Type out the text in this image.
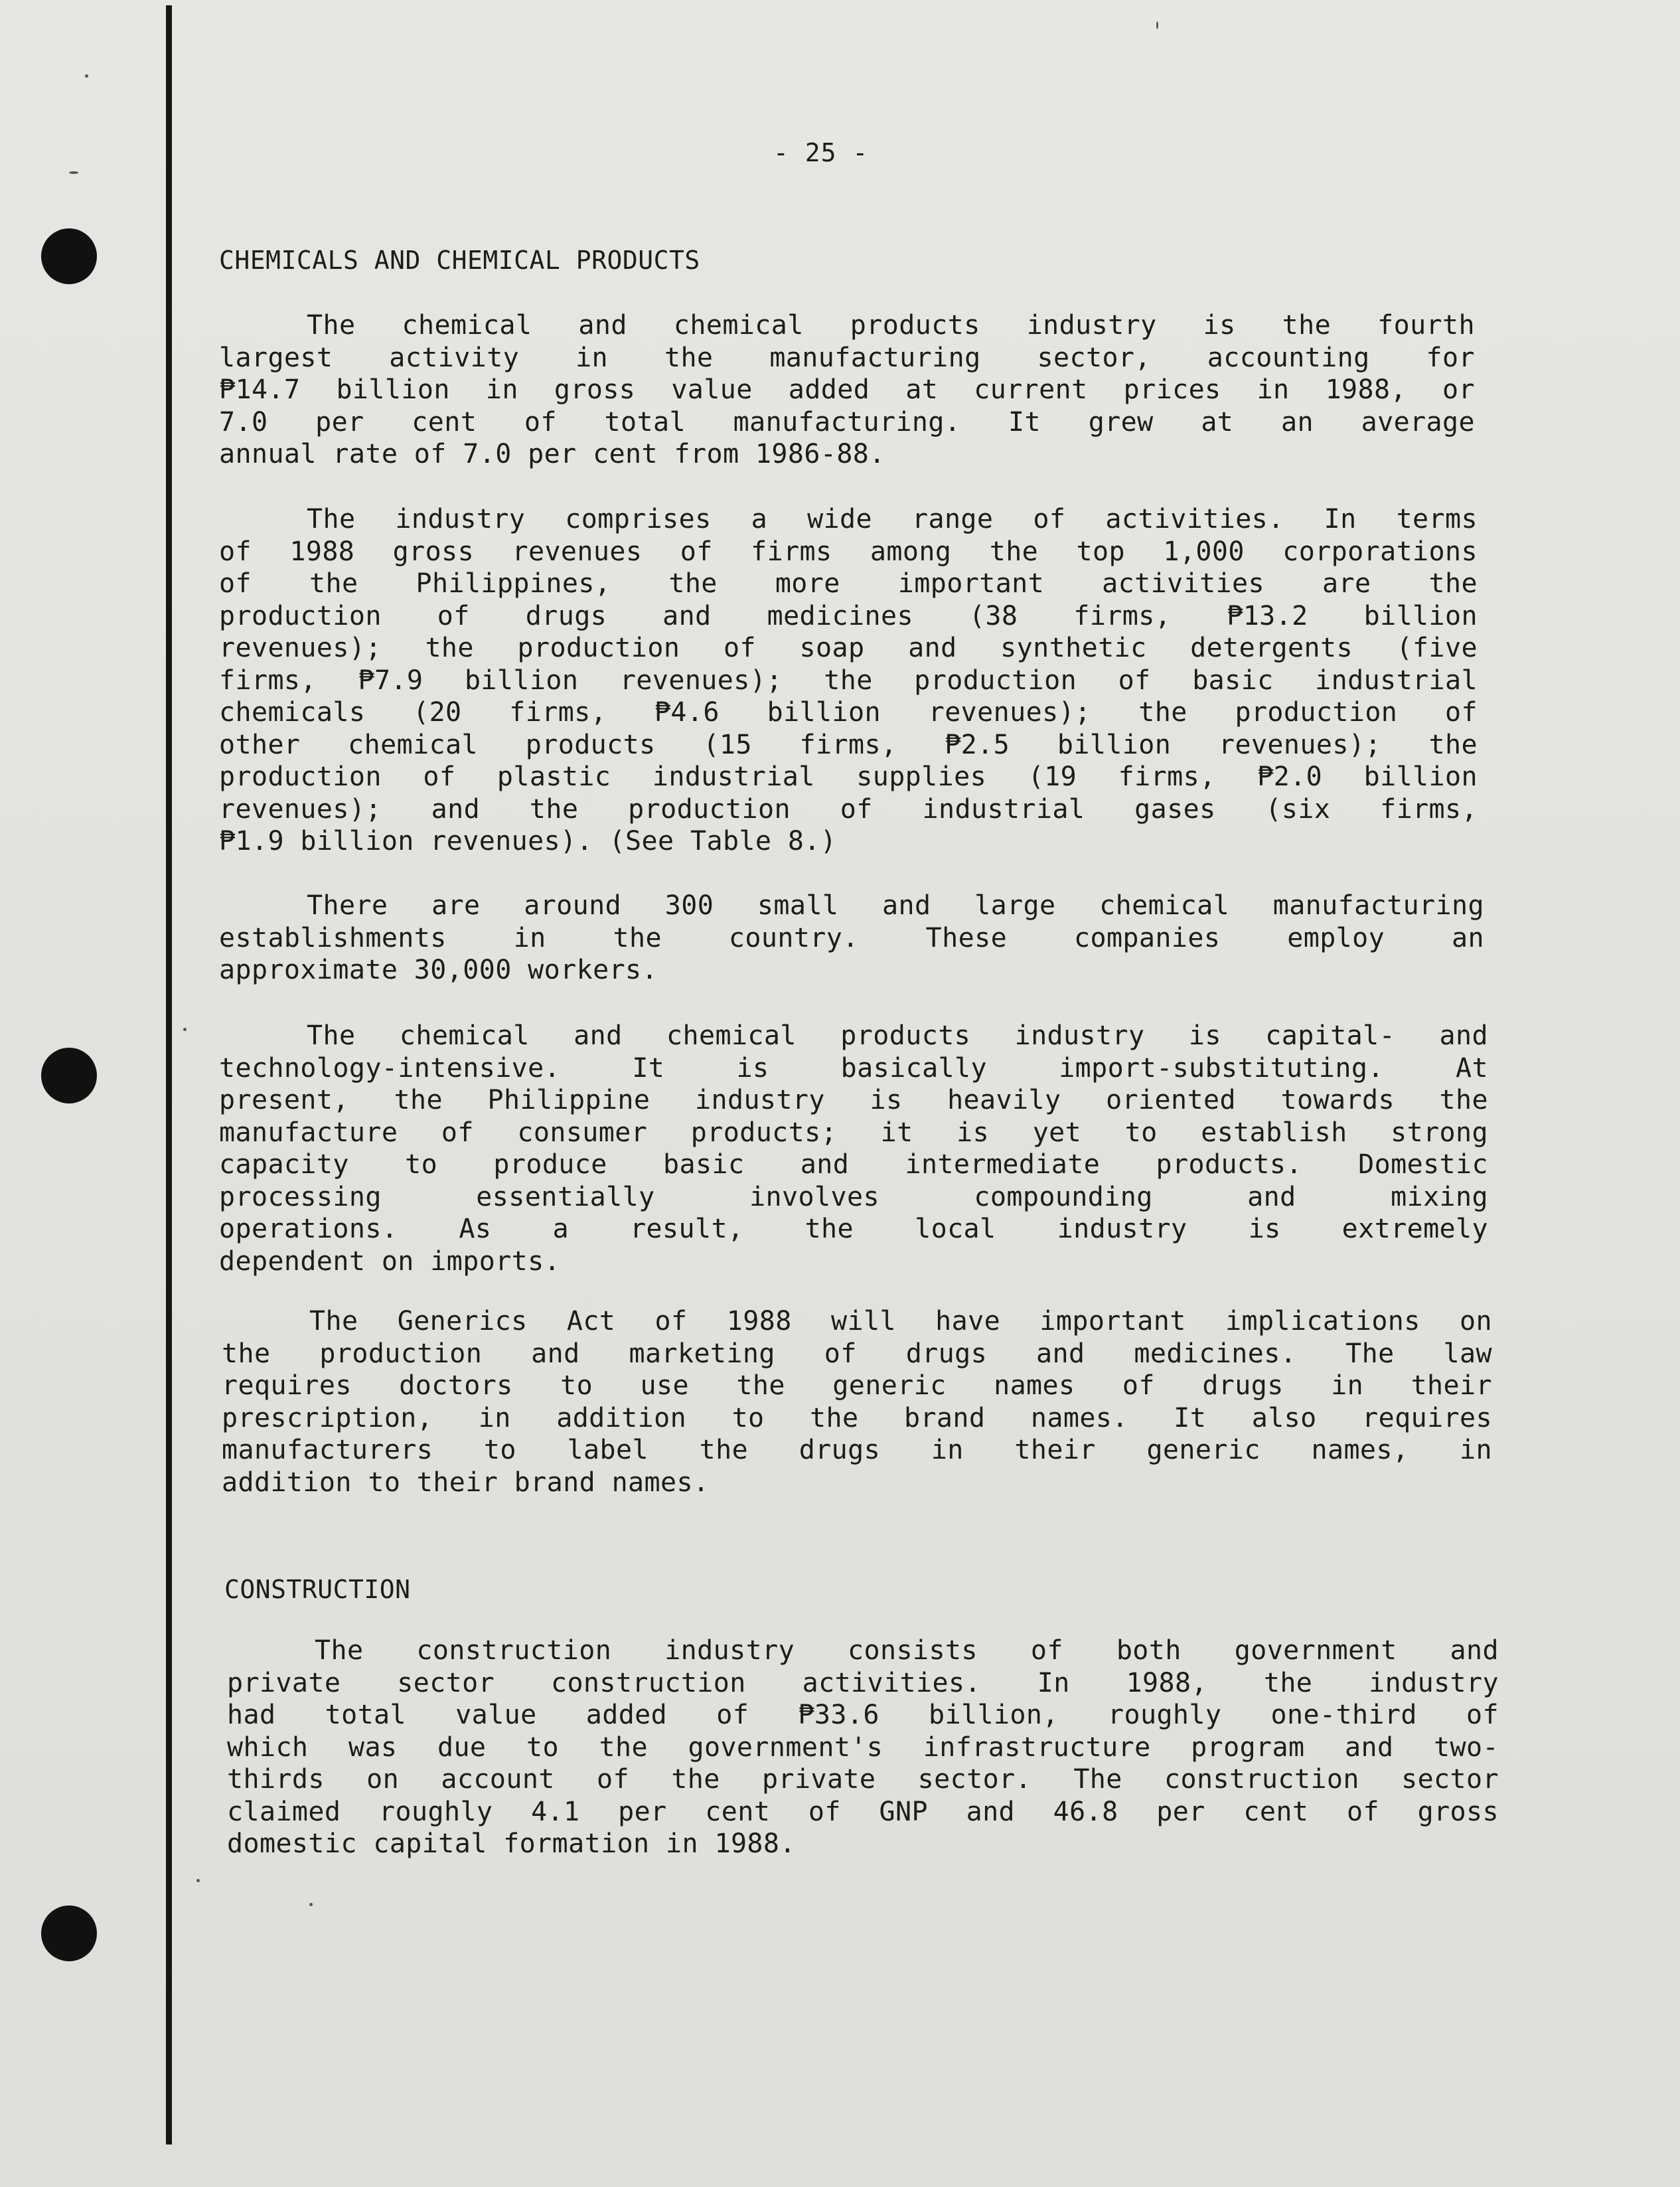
- 25 -
CHEMICALS AND CHEMICAL PRODUCTS
The chemical and chemical products industry is the fourth
largest activity in the manufacturing sector, accounting for
₱14.7 billion in gross value added at current prices in 1988, or
7.0 per cent of total manufacturing. It grew at an average
annual rate of 7.0 per cent from 1986-88.
The industry comprises a wide range of activities. In terms
of 1988 gross revenues of firms among the top 1,000 corporations
of the Philippines, the more important activities are the
production of drugs and medicines (38 firms, ₱13.2 billion
revenues); the production of soap and synthetic detergents (five
firms, ₱7.9 billion revenues); the production of basic industrial
chemicals (20 firms, ₱4.6 billion revenues); the production of
other chemical products (15 firms, ₱2.5 billion revenues); the
production of plastic industrial supplies (19 firms, ₱2.0 billion
revenues); and the production of industrial gases (six firms,
₱1.9 billion revenues). (See Table 8.)
There are around 300 small and large chemical manufacturing
establishments in the country. These companies employ an
approximate 30,000 workers.
The chemical and chemical products industry is capital- and
technology-intensive. It is basically import-substituting. At
present, the Philippine industry is heavily oriented towards the
manufacture of consumer products; it is yet to establish strong
capacity to produce basic and intermediate products. Domestic
processing essentially involves compounding and mixing
operations. As a result, the local industry is extremely
dependent on imports.
The Generics Act of 1988 will have important implications on
the production and marketing of drugs and medicines. The law
requires doctors to use the generic names of drugs in their
prescription, in addition to the brand names. It also requires
manufacturers to label the drugs in their generic names, in
addition to their brand names.
CONSTRUCTION
The construction industry consists of both government and
private sector construction activities. In 1988, the industry
had total value added of ₱33.6 billion, roughly one-third of
which was due to the government's infrastructure program and two-
thirds on account of the private sector. The construction sector
claimed roughly 4.1 per cent of GNP and 46.8 per cent of gross
domestic capital formation in 1988.
